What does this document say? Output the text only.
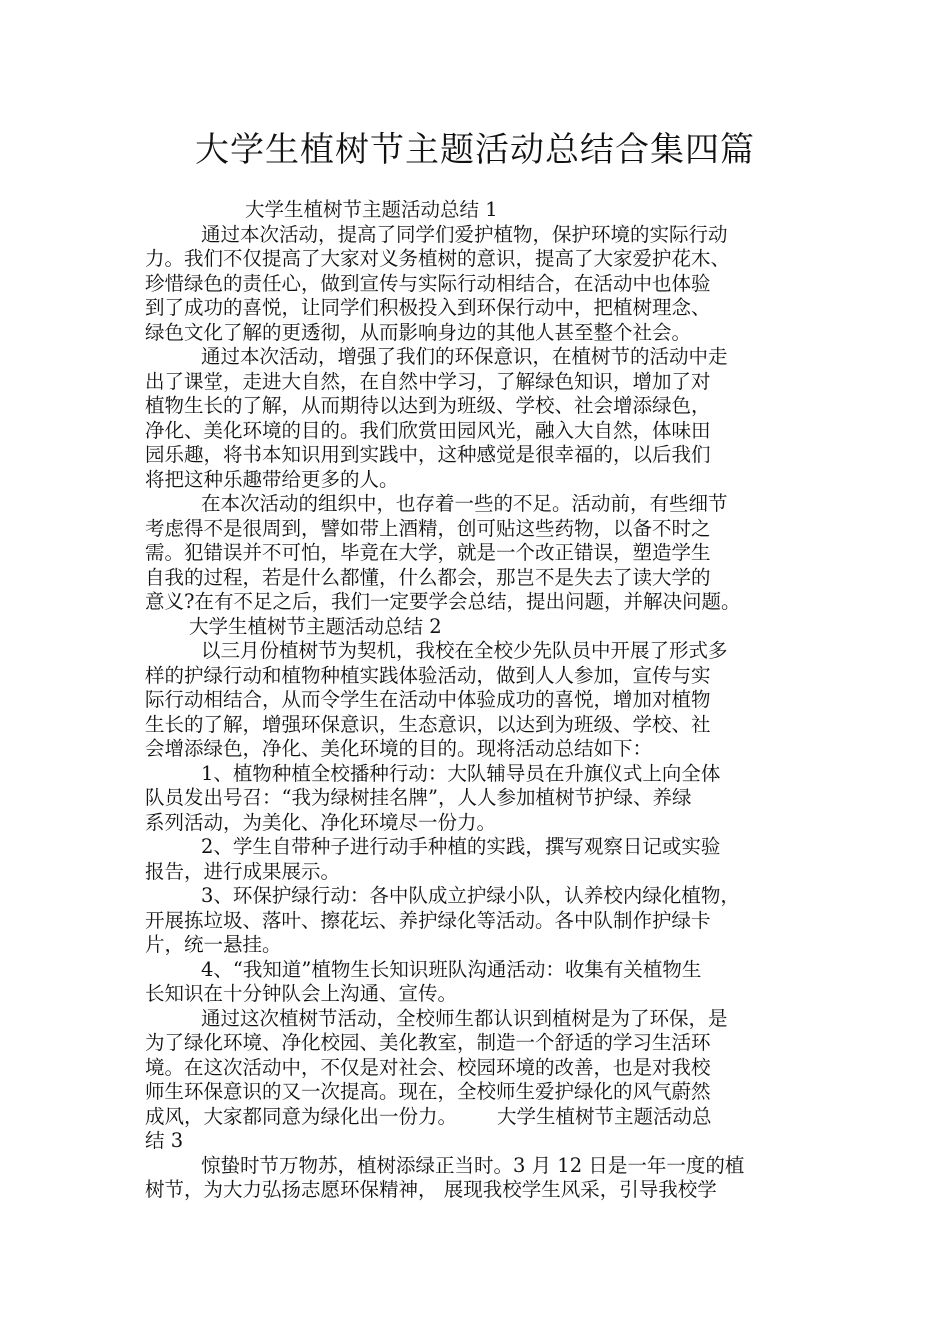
大学生植树节主题活动总结合集四篇
大学生植树节主题活动总结 1
通过本次活动，提高了同学们爱护植物，保护环境的实际行动
力。我们不仅提高了大家对义务植树的意识，提高了大家爱护花木、
珍惜绿色的责任心，做到宣传与实际行动相结合，在活动中也体验
到了成功的喜悦，让同学们积极投入到环保行动中，把植树理念、
绿色文化了解的更透彻，从而影响身边的其他人甚至整个社会。
通过本次活动，增强了我们的环保意识，在植树节的活动中走
出了课堂，走进大自然，在自然中学习，了解绿色知识，增加了对
植物生长的了解，从而期待以达到为班级、学校、社会增添绿色，
净化、美化环境的目的。我们欣赏田园风光，融入大自然，体味田
园乐趣，将书本知识用到实践中，这种感觉是很幸福的，以后我们
将把这种乐趣带给更多的人。
在本次活动的组织中，也存着一些的不足。活动前，有些细节
考虑得不是很周到，譬如带上酒精，创可贴这些药物，以备不时之
需。犯错误并不可怕，毕竟在大学，就是一个改正错误，塑造学生
自我的过程，若是什么都懂，什么都会，那岂不是失去了读大学的
意义?在有不足之后，我们一定要学会总结，提出问题，并解决问题。
大学生植树节主题活动总结 2
以三月份植树节为契机，我校在全校少先队员中开展了形式多
样的护绿行动和植物种植实践体验活动，做到人人参加，宣传与实
际行动相结合，从而令学生在活动中体验成功的喜悦，增加对植物
生长的了解，增强环保意识，生态意识，以达到为班级、学校、社
会增添绿色，净化、美化环境的目的。现将活动总结如下：
1、植物种植全校播种行动：大队辅导员在升旗仪式上向全体
队员发出号召：“我为绿树挂名牌”，人人参加植树节护绿、养绿
系列活动，为美化、净化环境尽一份力。
2、学生自带种子进行动手种植的实践，撰写观察日记或实验
报告，进行成果展示。
3、环保护绿行动：各中队成立护绿小队，认养校内绿化植物，
开展拣垃圾、落叶、擦花坛、养护绿化等活动。各中队制作护绿卡
片，统一悬挂。
4、“我知道”植物生长知识班队沟通活动：收集有关植物生
长知识在十分钟队会上沟通、宣传。
通过这次植树节活动，全校师生都认识到植树是为了环保，是
为了绿化环境、净化校园、美化教室，制造一个舒适的学习生活环
境。在这次活动中，不仅是对社会、校园环境的改善，也是对我校
师生环保意识的又一次提高。现在，全校师生爱护绿化的风气蔚然
成风，大家都同意为绿化出一份力。 大学生植树节主题活动总
结 3
惊蛰时节万物苏，植树添绿正当时。3 月 12 日是一年一度的植
树节，为大力弘扬志愿环保精神， 展现我校学生风采，引导我校学
